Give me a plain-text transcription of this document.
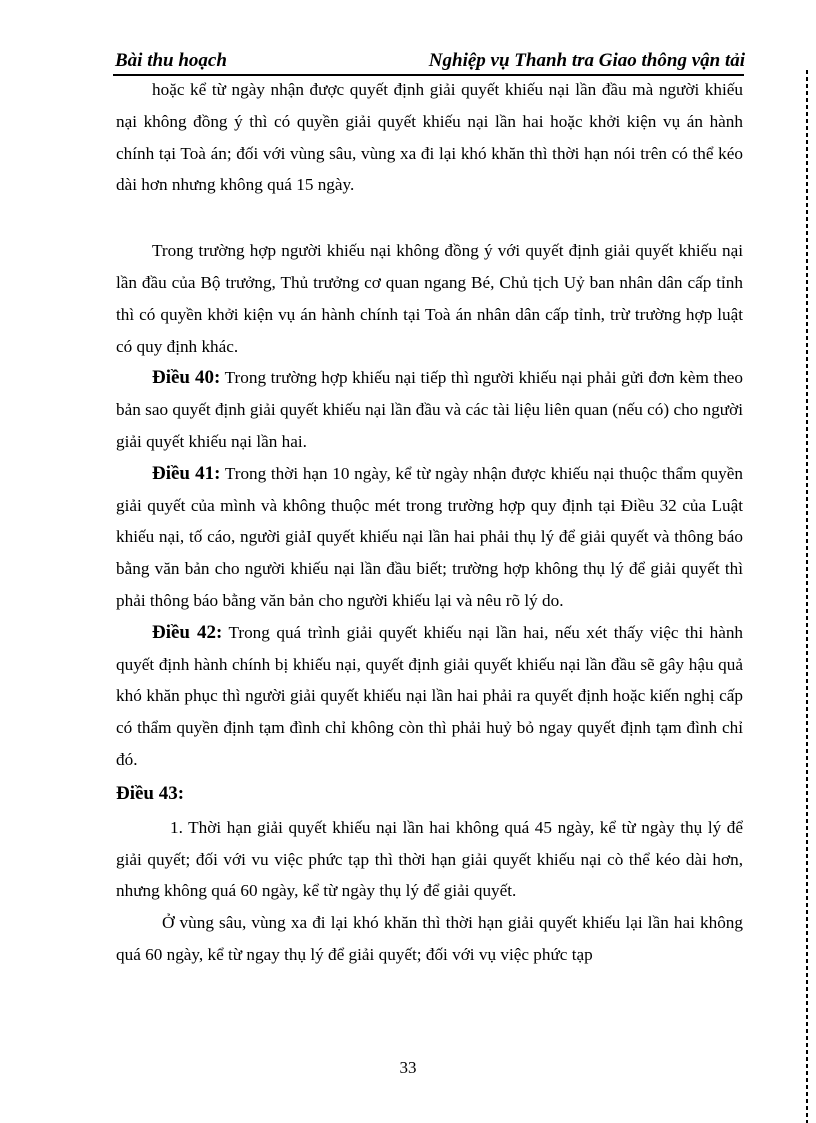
Bài thu hoạch	Nghiệp vụ Thanh tra Giao thông vận tải

hoặc kể từ ngày nhận được quyết định giải quyết khiếu nại lần đầu mà người khiếu nại không đồng ý thì có quyền giải quyết khiếu nại lần hai hoặc khởi kiện vụ án hành chính tại Toà án; đối với vùng sâu, vùng xa đi lại khó khăn thì thời hạn nói trên có thể kéo dài hơn nhưng không quá 15 ngày.

Trong trường hợp người khiếu nại không đồng ý với quyết định giải quyết khiếu nại lần đầu của Bộ trưởng, Thủ trưởng cơ quan ngang Bé, Chủ tịch Uỷ ban nhân dân cấp tỉnh thì có quyền khởi kiện vụ án hành chính tại Toà án nhân dân cấp tỉnh, trừ trường hợp luật có quy định khác.

Điều 40: Trong trường hợp khiếu nại tiếp thì người khiếu nại phải gửi đơn kèm theo bản sao quyết định giải quyết khiếu nại lần đầu và các tài liệu liên quan (nếu có) cho người giải quyết khiếu nại lần hai.

Điều 41: Trong thời hạn 10 ngày, kể từ ngày nhận được khiếu nại thuộc thẩm quyền giải quyết của mình và không thuộc mét trong trường hợp quy định tại Điều 32 của Luật khiếu nại, tố cáo, người giảI quyết khiếu nại lần hai phải thụ lý để giải quyết và thông báo bằng văn bản cho người khiếu nại lần đầu biết; trường hợp không thụ lý để giải quyết thì phải thông báo bằng văn bản cho người khiếu lại và nêu rõ lý do.

Điều 42: Trong quá trình giải quyết khiếu nại lần hai, nếu xét thấy việc thi hành quyết định hành chính bị khiếu nại, quyết định giải quyết khiếu nại lần đầu sẽ gây hậu quả khó khăn phục thì người giải quyết khiếu nại lần hai phải ra quyết định hoặc kiến nghị cấp có thẩm quyền định tạm đình chỉ không còn thì phải huỷ bỏ ngay quyết định tạm đình chỉ đó.

Điều 43:

1. Thời hạn giải quyết khiếu nại lần hai không quá 45 ngày, kể từ ngày thụ lý để giải quyết; đối với vu việc phức tạp thì thời hạn giải quyết khiếu nại cò thể kéo dài hơn, nhưng không quá 60 ngày, kể từ ngày thụ lý để giải quyết.

Ở vùng sâu, vùng xa đi lại khó khăn thì thời hạn giải quyết khiếu lại lần hai không quá 60 ngày, kể từ ngay thụ lý để giải quyết; đối với vụ việc phức tạp

33
